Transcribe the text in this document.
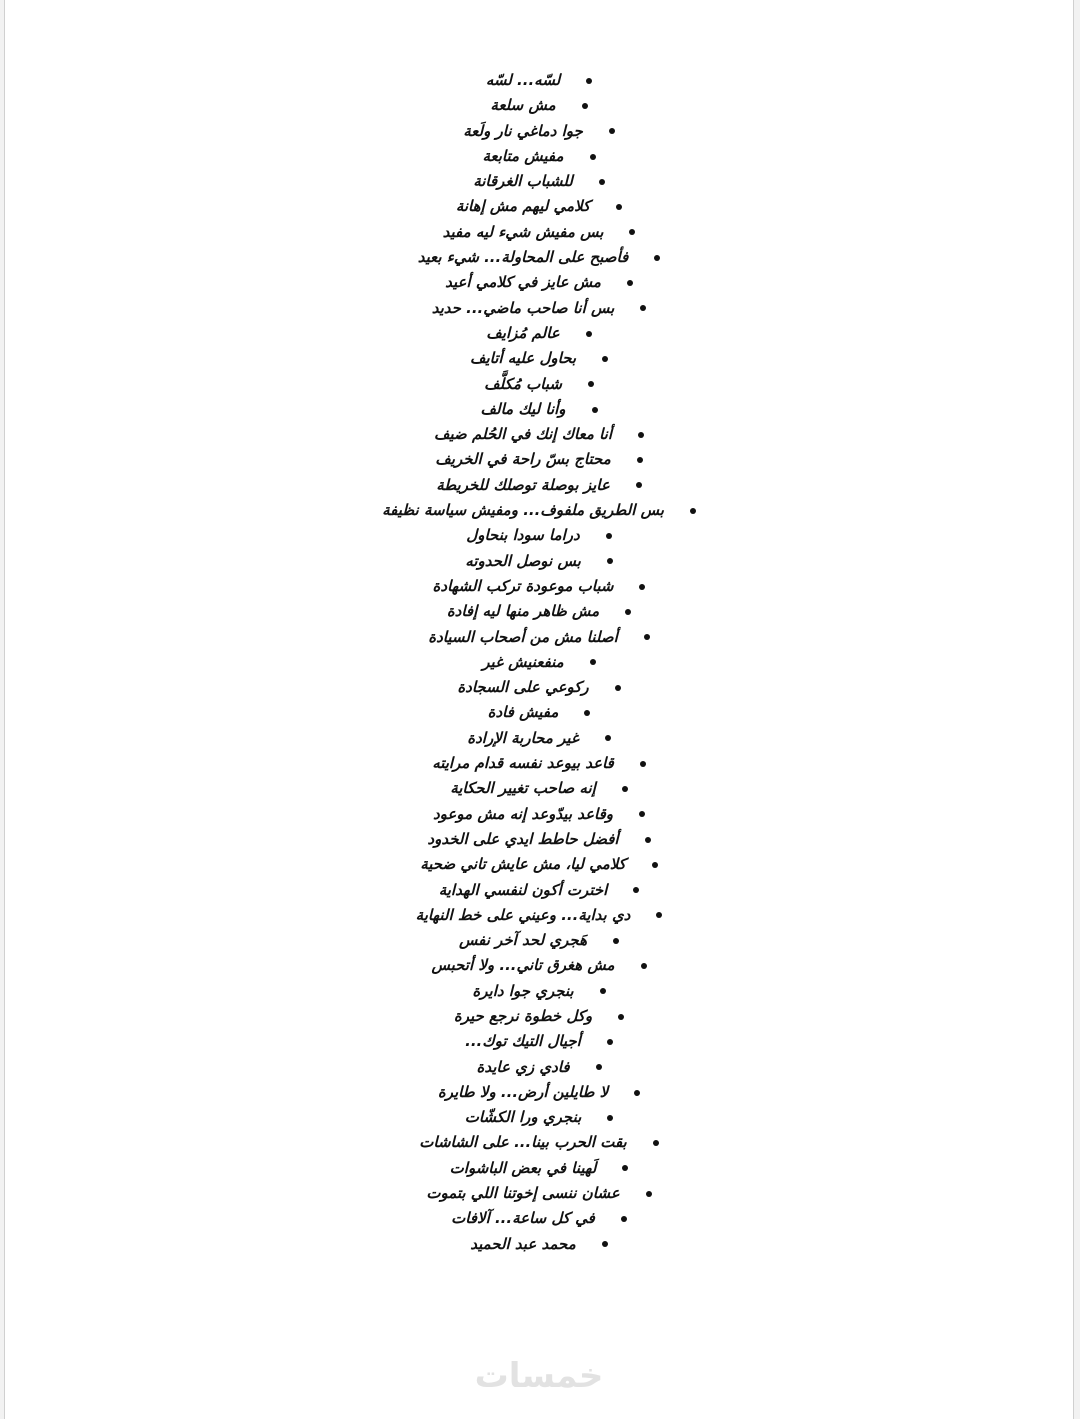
لسّه... لسّه
مش سلعة
جوا دماغي نار ولَعة
مفيش متابعة
للشباب الغرقانة
كلامي ليهم مش إهانة
بس مفيش شيء ليه مفيد
فأصبح على المحاولة... شيء بعيد
مش عايز في كلامي أعيد
بس أنا صاحب ماضي... حديد
عالم مُزايف
بحاول عليه أتايف
شباب مُكلَّف
وأنا ليك مالف
أنا معاك إنك في الحُلم ضيف
محتاج بسّ راحة في الخريف
عايز بوصلة توصلك للخريطة
بس الطريق ملفوف... ومفيش سياسة نظيفة
دراما سودا بنحاول
بس نوصل الحدوته
شباب موعودة تركب الشهادة
مش ظاهر منها ليه إفادة
أصلنا مش من أصحاب السيادة
منفعنيش غير
ركوعي على السجادة
مفيش فادة
غير محاربة الإرادة
قاعد بيوعد نفسه قدام مرايته
إنه صاحب تغيير الحكاية
وقاعد بيدّوعد إنه مش موعود
أفضل حاطط ايدي على الخدود
كلامي ليا، مش عايش تاني ضحية
اخترت أكون لنفسي الهداية
دي بداية... وعيني على خط النهاية
هَجري لحد آخر نفس
مش هغرق تاني... ولا أتحبس
بنجري جوا دايرة
وكل خطوة نرجع حيرة
أجيال التيك توك...
فادي زي عايدة
لا طايلين أرض... ولا طايرة
بنجري ورا الكشّات
بقت الحرب بينا... على الشاشات
لَهينا في بعض الباشوات
عشان ننسى إخوتنا اللي بتموت
في كل ساعة... آلافات
محمد عبد الحميد
خمسات
